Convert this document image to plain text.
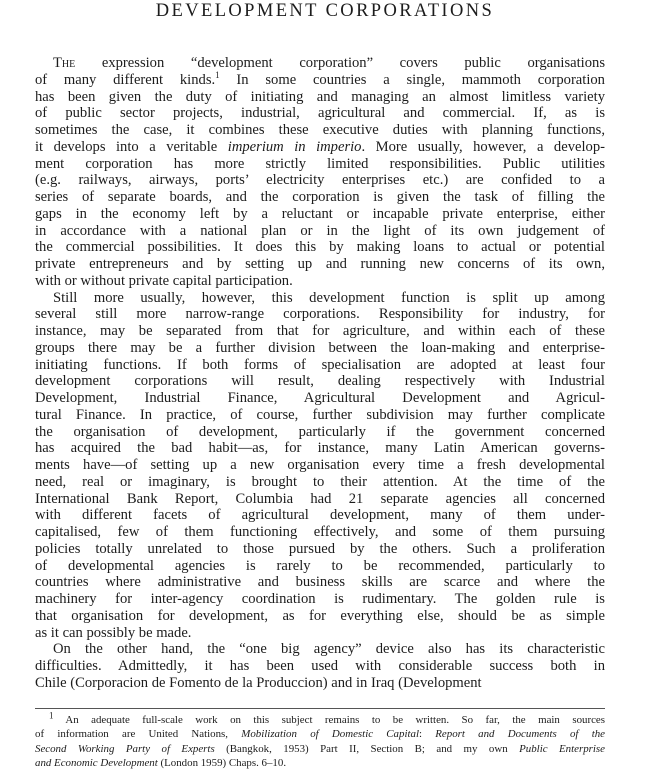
DEVELOPMENT CORPORATIONS
The expression “development corporation” covers public organisations
of many different kinds.$^1$ In some countries a single, mammoth corporation
has been given the duty of initiating and managing an almost limitless variety
of public sector projects, industrial, agricultural and commercial. If, as is
sometimes the case, it combines these executive duties with planning functions,
it develops into a veritable imperium in imperio. More usually, however, a develop-
ment corporation has more strictly limited responsibilities. Public utilities
(e.g. railways, airways, ports’ electricity enterprises etc.) are confided to a
series of separate boards, and the corporation is given the task of filling the
gaps in the economy left by a reluctant or incapable private enterprise, either
in accordance with a national plan or in the light of its own judgement of
the commercial possibilities. It does this by making loans to actual or potential
private entrepreneurs and by setting up and running new concerns of its own,
with or without private capital participation.
Still more usually, however, this development function is split up among
several still more narrow-range corporations. Responsibility for industry, for
instance, may be separated from that for agriculture, and within each of these
groups there may be a further division between the loan-making and enterprise-
initiating functions. If both forms of specialisation are adopted at least four
development corporations will result, dealing respectively with Industrial
Development, Industrial Finance, Agricultural Development and Agricul-
tural Finance. In practice, of course, further subdivision may further complicate
the organisation of development, particularly if the government concerned
has acquired the bad habit—as, for instance, many Latin American governs-
ments have—of setting up a new organisation every time a fresh developmental
need, real or imaginary, is brought to their attention. At the time of the
International Bank Report, Columbia had 21 separate agencies all concerned
with different facets of agricultural development, many of them under-
capitalised, few of them functioning effectively, and some of them pursuing
policies totally unrelated to those pursued by the others. Such a proliferation
of developmental agencies is rarely to be recommended, particularly to
countries where administrative and business skills are scarce and where the
machinery for inter-agency coordination is rudimentary. The golden rule is
that organisation for development, as for everything else, should be as simple
as it can possibly be made.
On the other hand, the “one big agency” device also has its characteristic
difficulties. Admittedly, it has been used with considerable success both in
Chile (Corporacion de Fomento de la Produccion) and in Iraq (Development
$^1$ An adequate full-scale work on this subject remains to be written. So far, the main sources
of information are United Nations, Mobilization of Domestic Capital: Report and Documents of the
Second Working Party of Experts (Bangkok, 1953) Part II, Section B; and my own Public Enterprise
and Economic Development (London 1959) Chaps. 6–10.
